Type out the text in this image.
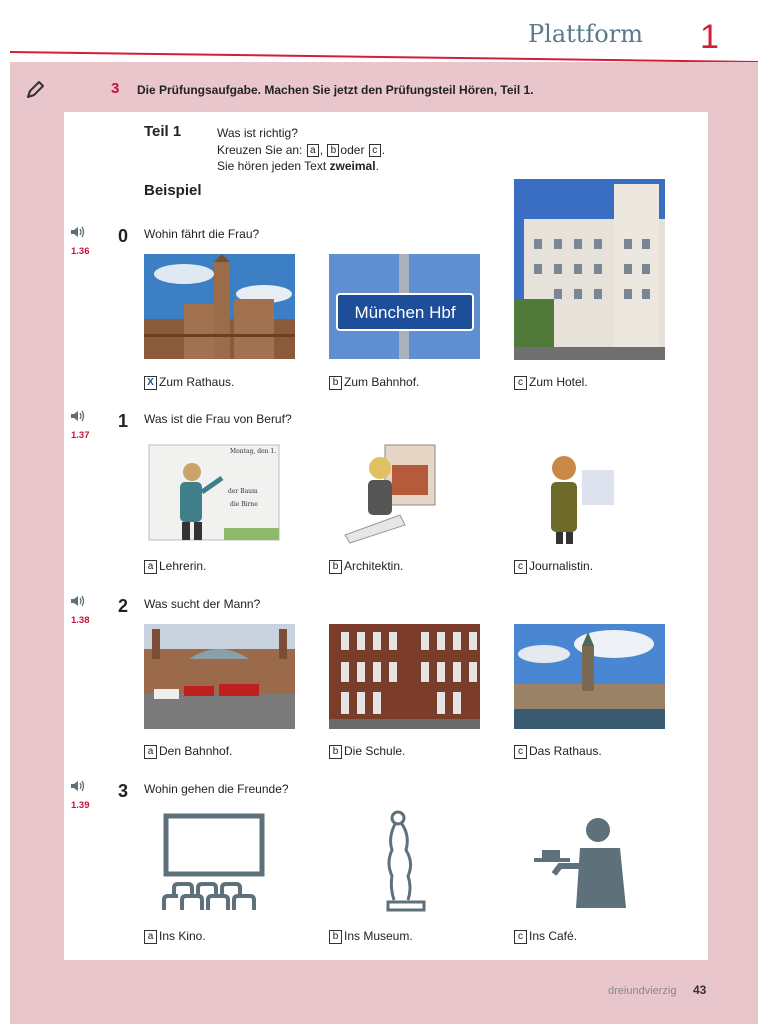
Plattform 1
3 Die Prüfungsaufgabe. Machen Sie jetzt den Prüfungsteil Hören, Teil 1.
Teil 1	Was ist richtig?
Kreuzen Sie an: a , b oder c .
Sie hören jeden Text zweimal.
Beispiel
1.36
0 Wohin fährt die Frau?
München Hbf
X Zum Rathaus.	b Zum Bahnhof.	c Zum Hotel.
1.37
1 Was ist die Frau von Beruf?
Montag, den 1.
der Baum
die Birne
a Lehrerin.	b Architektin.	c Journalistin.
1.38
2 Was sucht der Mann?
a Den Bahnhof.	b Die Schule.	c Das Rathaus.
1.39
3 Wohin gehen die Freunde?
a Ins Kino.	b Ins Museum.	c Ins Café.
dreiundvierzig 43
